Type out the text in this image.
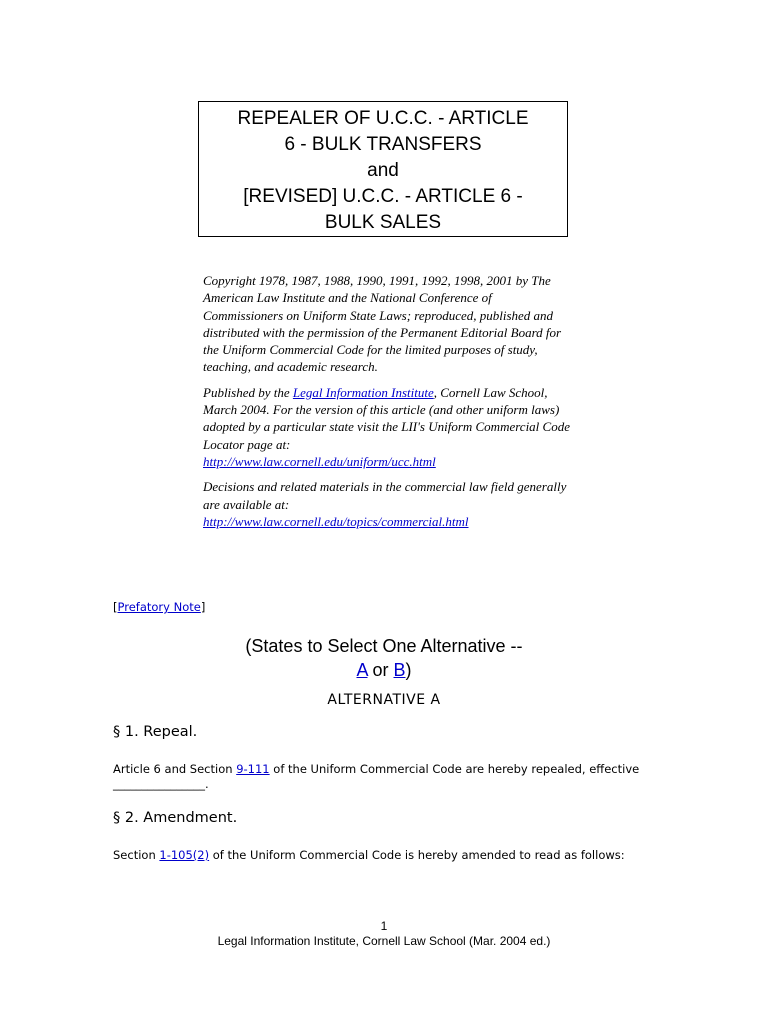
REPEALER OF U.C.C. - ARTICLE
6 - BULK TRANSFERS
and
[REVISED] U.C.C. - ARTICLE 6 -
BULK SALES

Copyright 1978, 1987, 1988, 1990, 1991, 1992, 1998, 2001 by The American Law Institute and the National Conference of Commissioners on Uniform State Laws; reproduced, published and distributed with the permission of the Permanent Editorial Board for the Uniform Commercial Code for the limited purposes of study, teaching, and academic research.

Published by the Legal Information Institute, Cornell Law School, March 2004. For the version of this article (and other uniform laws) adopted by a particular state visit the LII's Uniform Commercial Code Locator page at:
http://www.law.cornell.edu/uniform/ucc.html

Decisions and related materials in the commercial law field generally are available at:
http://www.law.cornell.edu/topics/commercial.html

[Prefatory Note]
(States to Select One Alternative --
A or B)
ALTERNATIVE A
§ 1. Repeal.
Article 6 and Section 9-111 of the Uniform Commercial Code are hereby repealed, effective ________________.
§ 2. Amendment.
Section 1-105(2) of the Uniform Commercial Code is hereby amended to read as follows:
1
Legal Information Institute, Cornell Law School (Mar. 2004 ed.)
